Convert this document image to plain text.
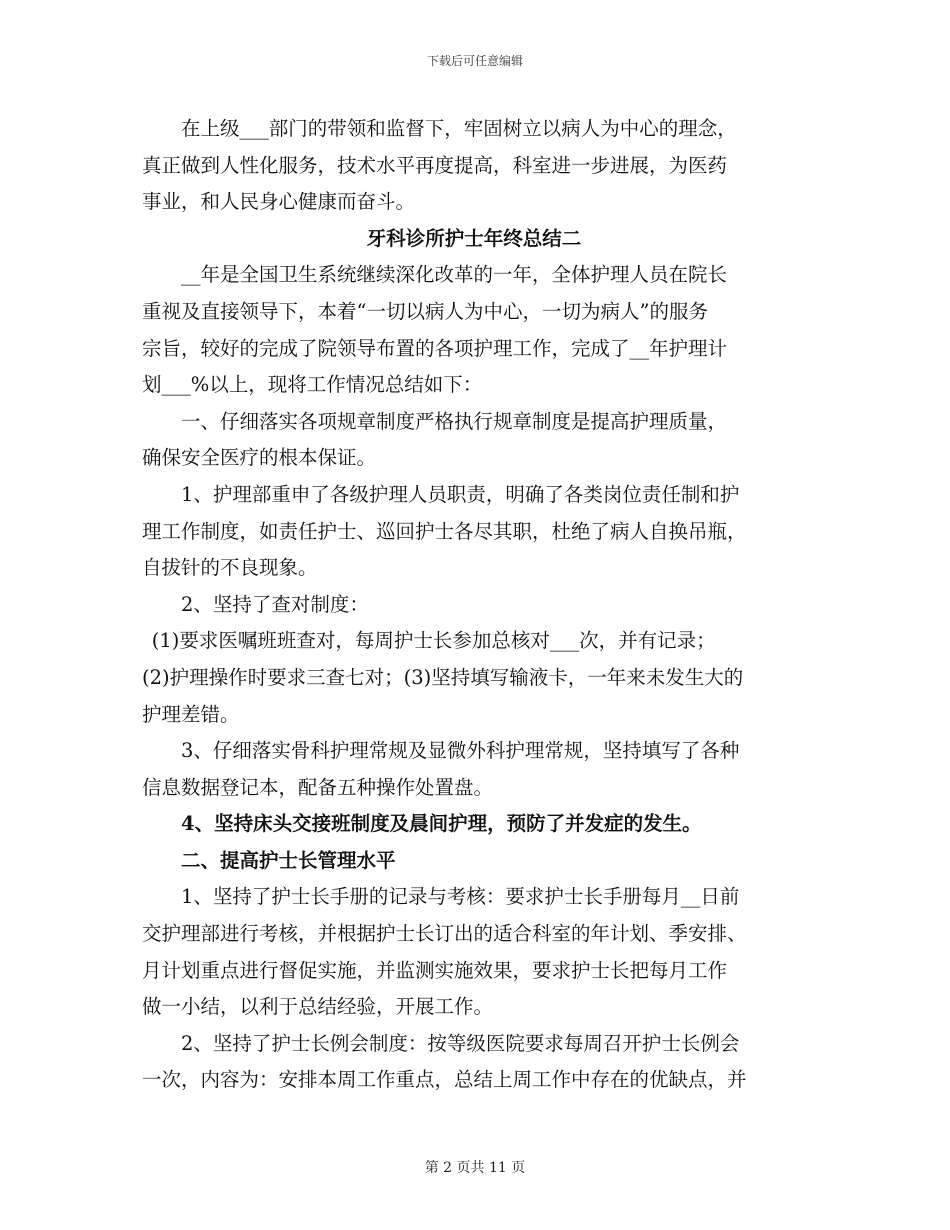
下载后可任意编辑

在上级___部门的带领和监督下，牢固树立以病人为中心的理念，

真正做到人性化服务，技术水平再度提高，科室进一步进展，为医药

事业，和人民身心健康而奋斗。

牙科诊所护士年终总结二

__年是全国卫生系统继续深化改革的一年，全体护理人员在院长

重视及直接领导下，本着“一切以病人为中心，一切为病人”的服务

宗旨，较好的完成了院领导布置的各项护理工作，完成了__年护理计

划___%以上，现将工作情况总结如下：

一、仔细落实各项规章制度严格执行规章制度是提高护理质量，

确保安全医疗的根本保证。

1、护理部重申了各级护理人员职责，明确了各类岗位责任制和护

理工作制度，如责任护士、巡回护士各尽其职，杜绝了病人自换吊瓶，

自拔针的不良现象。

2、坚持了查对制度：

(1)要求医嘱班班查对，每周护士长参加总核对___次，并有记录；

(2)护理操作时要求三查七对；(3)坚持填写输液卡，一年来未发生大的

护理差错。

3、仔细落实骨科护理常规及显微外科护理常规，坚持填写了各种

信息数据登记本，配备五种操作处置盘。

4、坚持床头交接班制度及晨间护理，预防了并发症的发生。

二、提高护士长管理水平

1、坚持了护士长手册的记录与考核：要求护士长手册每月__日前

交护理部进行考核，并根据护士长订出的适合科室的年计划、季安排、

月计划重点进行督促实施，并监测实施效果，要求护士长把每月工作

做一小结，以利于总结经验，开展工作。

2、坚持了护士长例会制度：按等级医院要求每周召开护士长例会

一次，内容为：安排本周工作重点，总结上周工作中存在的优缺点，并

第 2 页共 11 页
